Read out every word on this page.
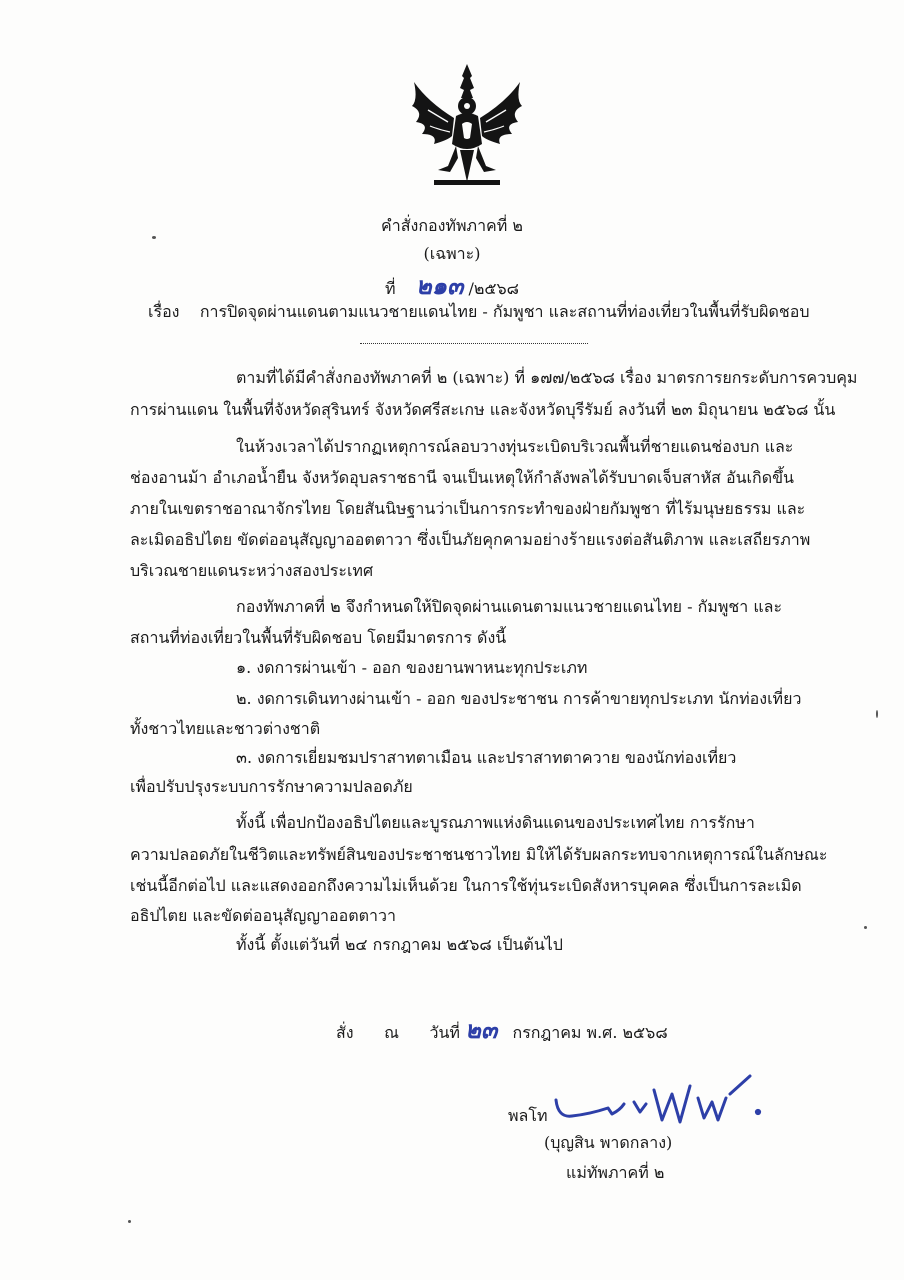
คำสั่งกองทัพภาคที่ ๒
(เฉพาะ)
ที่ ๒๑๓ /๒๕๖๘
เรื่อง การปิดจุดผ่านแดนตามแนวชายแดนไทย - กัมพูชา และสถานที่ท่องเที่ยวในพื้นที่รับผิดชอบ
ตามที่ได้มีคำสั่งกองทัพภาคที่ ๒ (เฉพาะ) ที่ ๑๗๗/๒๕๖๘ เรื่อง มาตรการยกระดับการควบคุม
การผ่านแดน ในพื้นที่จังหวัดสุรินทร์ จังหวัดศรีสะเกษ และจังหวัดบุรีรัมย์ ลงวันที่ ๒๓ มิถุนายน ๒๕๖๘ นั้น
ในห้วงเวลาได้ปรากฏเหตุการณ์ลอบวางทุ่นระเบิดบริเวณพื้นที่ชายแดนช่องบก และ
ช่องอานม้า อำเภอน้ำยืน จังหวัดอุบลราชธานี จนเป็นเหตุให้กำลังพลได้รับบาดเจ็บสาหัส อันเกิดขึ้น
ภายในเขตราชอาณาจักรไทย โดยสันนิษฐานว่าเป็นการกระทำของฝ่ายกัมพูชา ที่ไร้มนุษยธรรม และ
ละเมิดอธิปไตย ขัดต่ออนุสัญญาออตตาวา ซึ่งเป็นภัยคุกคามอย่างร้ายแรงต่อสันติภาพ และเสถียรภาพ
บริเวณชายแดนระหว่างสองประเทศ
กองทัพภาคที่ ๒ จึงกำหนดให้ปิดจุดผ่านแดนตามแนวชายแดนไทย - กัมพูชา และ
สถานที่ท่องเที่ยวในพื้นที่รับผิดชอบ โดยมีมาตรการ ดังนี้
๑. งดการผ่านเข้า - ออก ของยานพาหนะทุกประเภท
๒. งดการเดินทางผ่านเข้า - ออก ของประชาชน การค้าขายทุกประเภท นักท่องเที่ยว
ทั้งชาวไทยและชาวต่างชาติ
๓. งดการเยี่ยมชมปราสาทตาเมือน และปราสาทตาควาย ของนักท่องเที่ยว
เพื่อปรับปรุงระบบการรักษาความปลอดภัย
ทั้งนี้ เพื่อปกป้องอธิปไตยและบูรณภาพแห่งดินแดนของประเทศไทย การรักษา
ความปลอดภัยในชีวิตและทรัพย์สินของประชาชนชาวไทย มิให้ได้รับผลกระทบจากเหตุการณ์ในลักษณะ
เช่นนี้อีกต่อไป และแสดงออกถึงความไม่เห็นด้วย ในการใช้ทุ่นระเบิดสังหารบุคคล ซึ่งเป็นการละเมิด
อธิปไตย และขัดต่ออนุสัญญาออตตาวา
ทั้งนี้ ตั้งแต่วันที่ ๒๔ กรกฎาคม ๒๕๖๘ เป็นต้นไป
สั่ง ณ วันที่ ๒๓ กรกฎาคม พ.ศ. ๒๕๖๘
พลโท
(บุญสิน พาดกลาง)
แม่ทัพภาคที่ ๒
